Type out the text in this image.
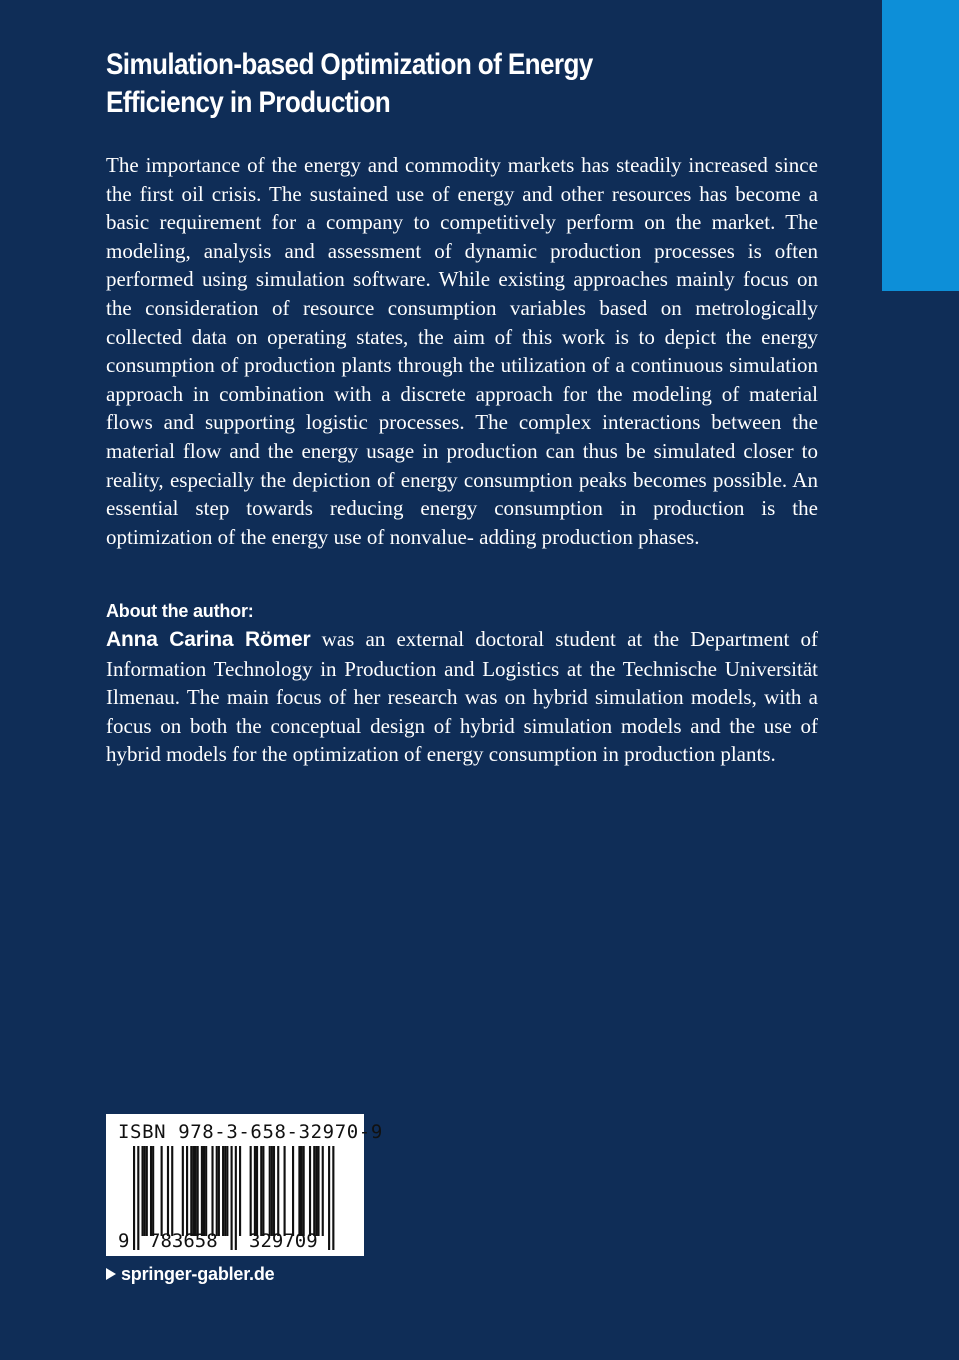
Simulation-based Optimization of Energy Efficiency in Production

The importance of the energy and commodity markets has steadily increased since the first oil crisis. The sustained use of energy and other resources has become a basic requirement for a company to competitively perform on the market. The modeling, analysis and assessment of dynamic production processes is often performed using simulation software. While existing approaches mainly focus on the consideration of resource consumption variables based on metrologically collected data on operating states, the aim of this work is to depict the energy consumption of production plants through the utilization of a continuous simulation approach in combination with a discrete approach for the modeling of material flows and supporting logistic processes. The complex interactions between the material flow and the energy usage in production can thus be simulated closer to reality, especially the depiction of energy consumption peaks becomes possible. An essential step towards reducing energy consumption in production is the optimization of the energy use of nonvalue- adding production phases.

About the author:

Anna Carina Römer was an external doctoral student at the Department of Information Technology in Production and Logistics at the Technische Universität Ilmenau. The main focus of her research was on hybrid simulation models, with a focus on both the conceptual design of hybrid simulation models and the use of hybrid models for the optimization of energy consumption in production plants.

9 783658 329709
ISBN 978-3-658-32970-9
springer-gabler.de
